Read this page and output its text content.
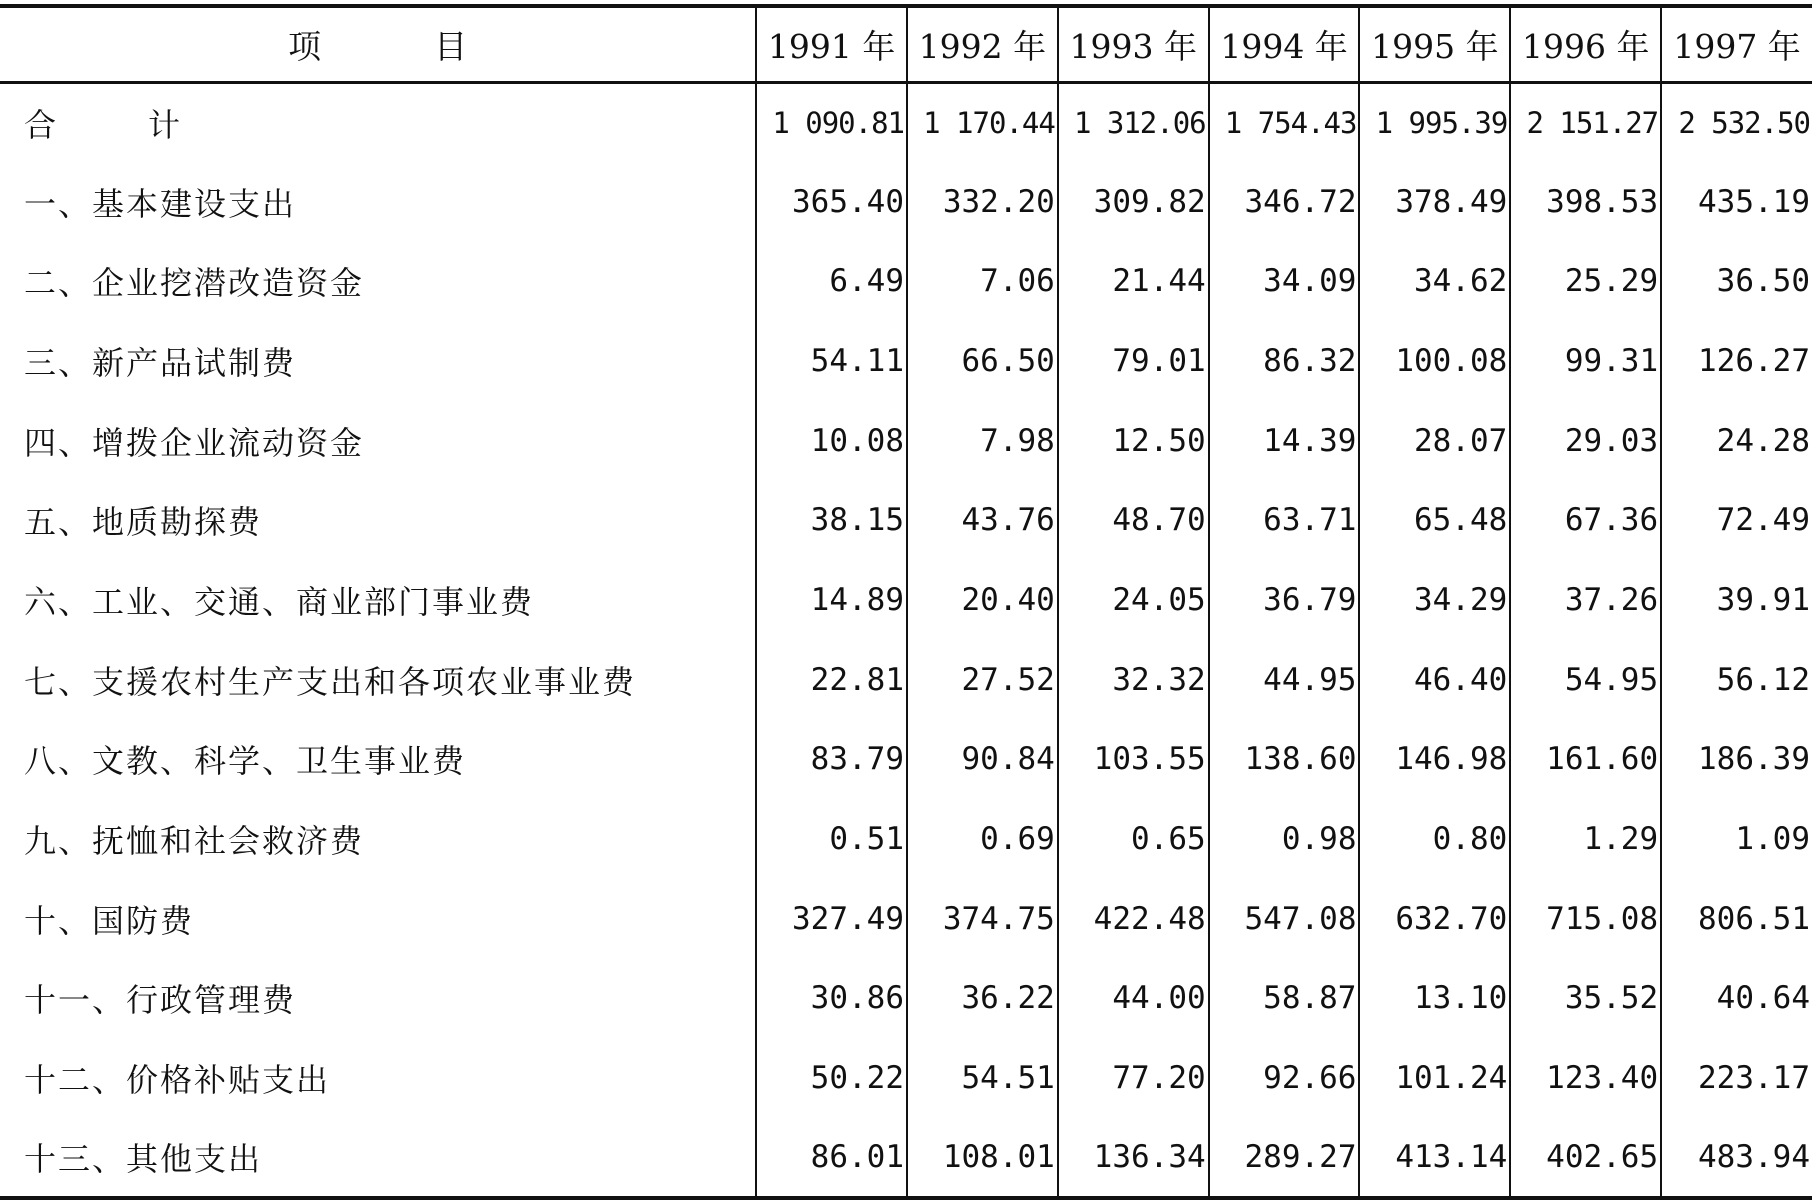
项　目	1991 年	1992 年	1993 年	1994 年	1995 年	1996 年	1997 年
合　计	1 090.81	1 170.44	1 312.06	1 754.43	1 995.39	2 151.27	2 532.50
一、基本建设支出	365.40	332.20	309.82	346.72	378.49	398.53	435.19
二、企业挖潜改造资金	6.49	7.06	21.44	34.09	34.62	25.29	36.50
三、新产品试制费	54.11	66.50	79.01	86.32	100.08	99.31	126.27
四、增拨企业流动资金	10.08	7.98	12.50	14.39	28.07	29.03	24.28
五、地质勘探费	38.15	43.76	48.70	63.71	65.48	67.36	72.49
六、工业、交通、商业部门事业费	14.89	20.40	24.05	36.79	34.29	37.26	39.91
七、支援农村生产支出和各项农业事业费	22.81	27.52	32.32	44.95	46.40	54.95	56.12
八、文教、科学、卫生事业费	83.79	90.84	103.55	138.60	146.98	161.60	186.39
九、抚恤和社会救济费	0.51	0.69	0.65	0.98	0.80	1.29	1.09
十、国防费	327.49	374.75	422.48	547.08	632.70	715.08	806.51
十一、行政管理费	30.86	36.22	44.00	58.87	13.10	35.52	40.64
十二、价格补贴支出	50.22	54.51	77.20	92.66	101.24	123.40	223.17
十三、其他支出	86.01	108.01	136.34	289.27	413.14	402.65	483.94
